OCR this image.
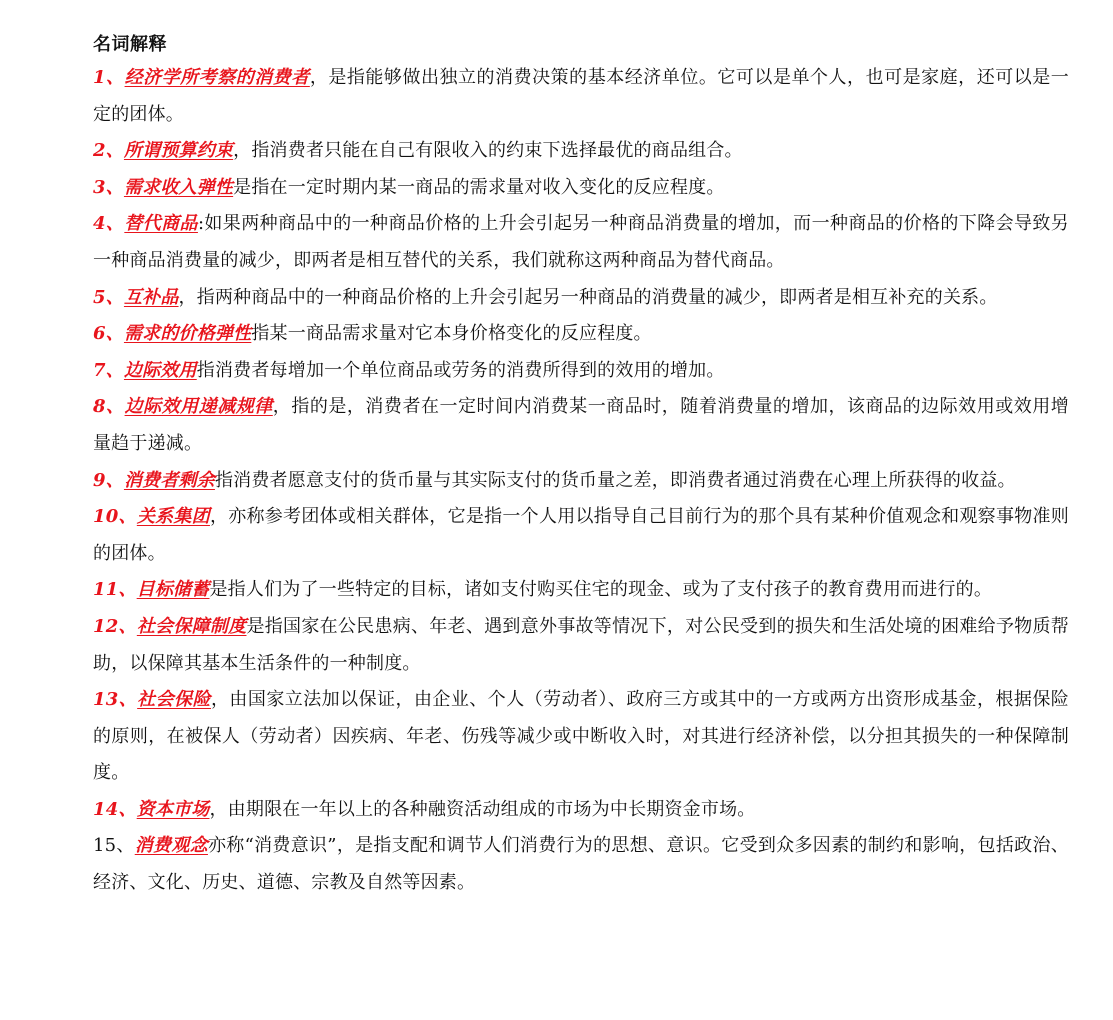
名词解释

1、经济学所考察的消费者，是指能够做出独立的消费决策的基本经济单位。它可以是单个人，也可是家庭，还可以是一定的团体。

2、所谓预算约束，指消费者只能在自己有限收入的约束下选择最优的商品组合。

3、需求收入弹性是指在一定时期内某一商品的需求量对收入变化的反应程度。

4、替代商品:如果两种商品中的一种商品价格的上升会引起另一种商品消费量的增加，而一种商品的价格的下降会导致另一种商品消费量的减少，即两者是相互替代的关系，我们就称这两种商品为替代商品。

5、互补品，指两种商品中的一种商品价格的上升会引起另一种商品的消费量的减少，即两者是相互补充的关系。

6、需求的价格弹性指某一商品需求量对它本身价格变化的反应程度。

7、边际效用指消费者每增加一个单位商品或劳务的消费所得到的效用的增加。

8、边际效用递减规律，指的是，消费者在一定时间内消费某一商品时，随着消费量的增加，该商品的边际效用或效用增量趋于递减。

9、消费者剩余指消费者愿意支付的货币量与其实际支付的货币量之差，即消费者通过消费在心理上所获得的收益。

10、关系集团，亦称参考团体或相关群体，它是指一个人用以指导自己目前行为的那个具有某种价值观念和观察事物准则的团体。

11、目标储蓄是指人们为了一些特定的目标，诸如支付购买住宅的现金、或为了支付孩子的教育费用而进行的。

12、社会保障制度是指国家在公民患病、年老、遇到意外事故等情况下，对公民受到的损失和生活处境的困难给予物质帮助，以保障其基本生活条件的一种制度。

13、社会保险，由国家立法加以保证，由企业、个人（劳动者）、政府三方或其中的一方或两方出资形成基金，根据保险的原则，在被保人（劳动者）因疾病、年老、伤残等减少或中断收入时，对其进行经济补偿，以分担其损失的一种保障制度。

14、资本市场，由期限在一年以上的各种融资活动组成的市场为中长期资金市场。

15、消费观念亦称“消费意识”，是指支配和调节人们消费行为的思想、意识。它受到众多因素的制约和影响，包括政治、经济、文化、历史、道德、宗教及自然等因素。
